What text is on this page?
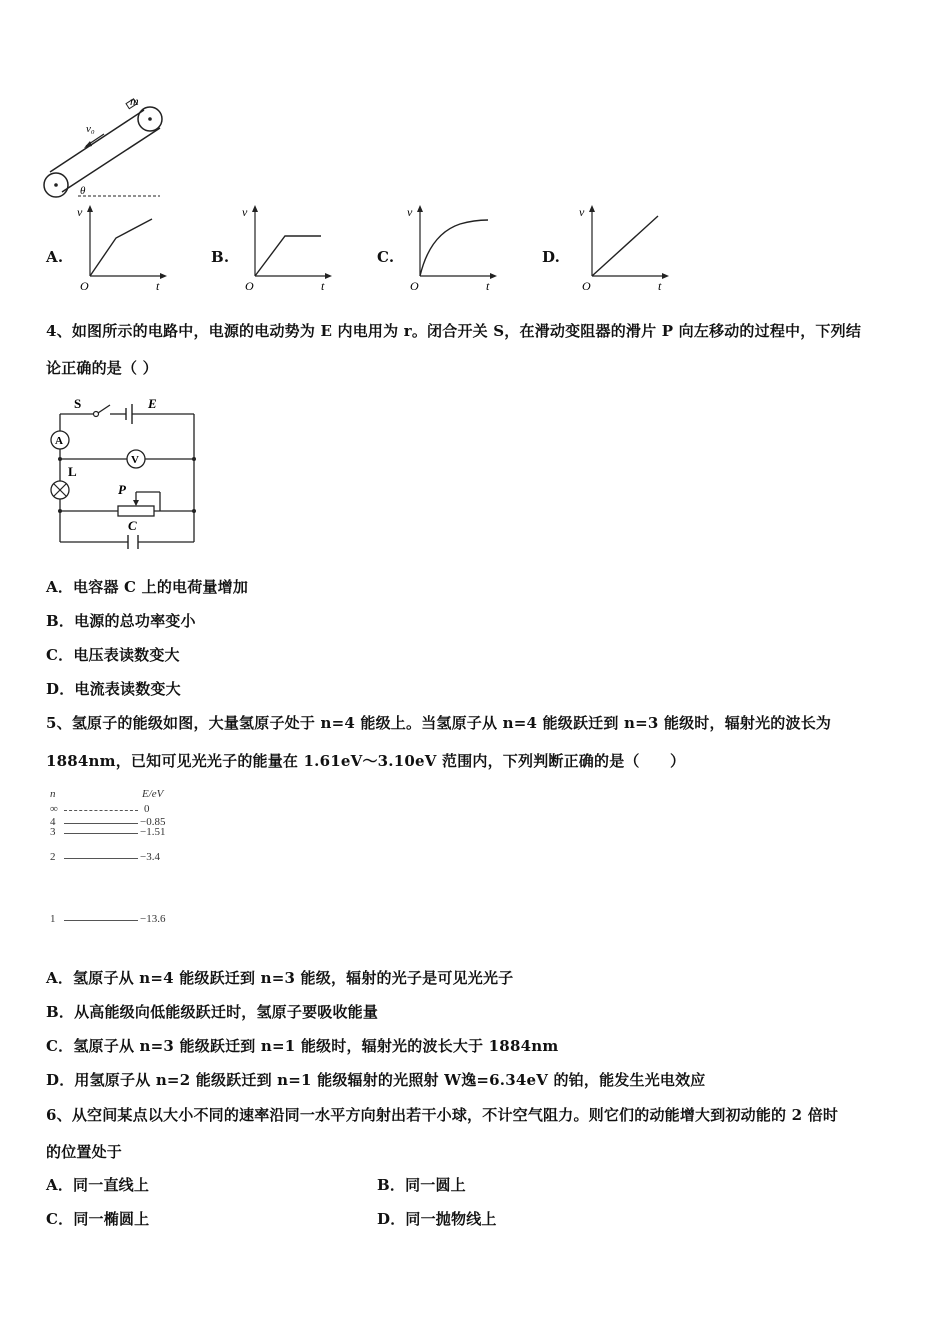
m
v₀
θ
A.
v
O	t
B.
v
O	t
C.
v
O	t
D.
v
O	t
4、如图所示的电路中，电源的电动势为 E 内电用为 r。闭合开关 S，在滑动变阻器的滑片 P 向左移动的过程中，下列结
论正确的是（ ）
A
V
S	E
L
P
C
A．电容器 C 上的电荷量增加
B．电源的总功率变小
C．电压表读数变大
D．电流表读数变大
5、氢原子的能级如图，大量氢原子处于 n=4 能级上。当氢原子从 n=4 能级跃迁到 n=3 能级时，辐射光的波长为
1884nm，已知可见光光子的能量在 1.61eV～3.10eV 范围内，下列判断正确的是（　　）
n	E/eV
∞	0
4	−0.85
3	−1.51
2	−3.4
1	−13.6
A．氢原子从 n=4 能级跃迁到 n=3 能级，辐射的光子是可见光光子
B．从高能级向低能级跃迁时，氢原子要吸收能量
C．氢原子从 n=3 能级跃迁到 n=1 能级时，辐射光的波长大于 1884nm
D．用氢原子从 n=2 能级跃迁到 n=1 能级辐射的光照射 W逸=6.34eV 的铂，能发生光电效应
6、从空间某点以大小不同的速率沿同一水平方向射出若干小球，不计空气阻力。则它们的动能增大到初动能的 2 倍时
的位置处于
A．同一直线上	B．同一圆上
C．同一椭圆上	D．同一抛物线上
